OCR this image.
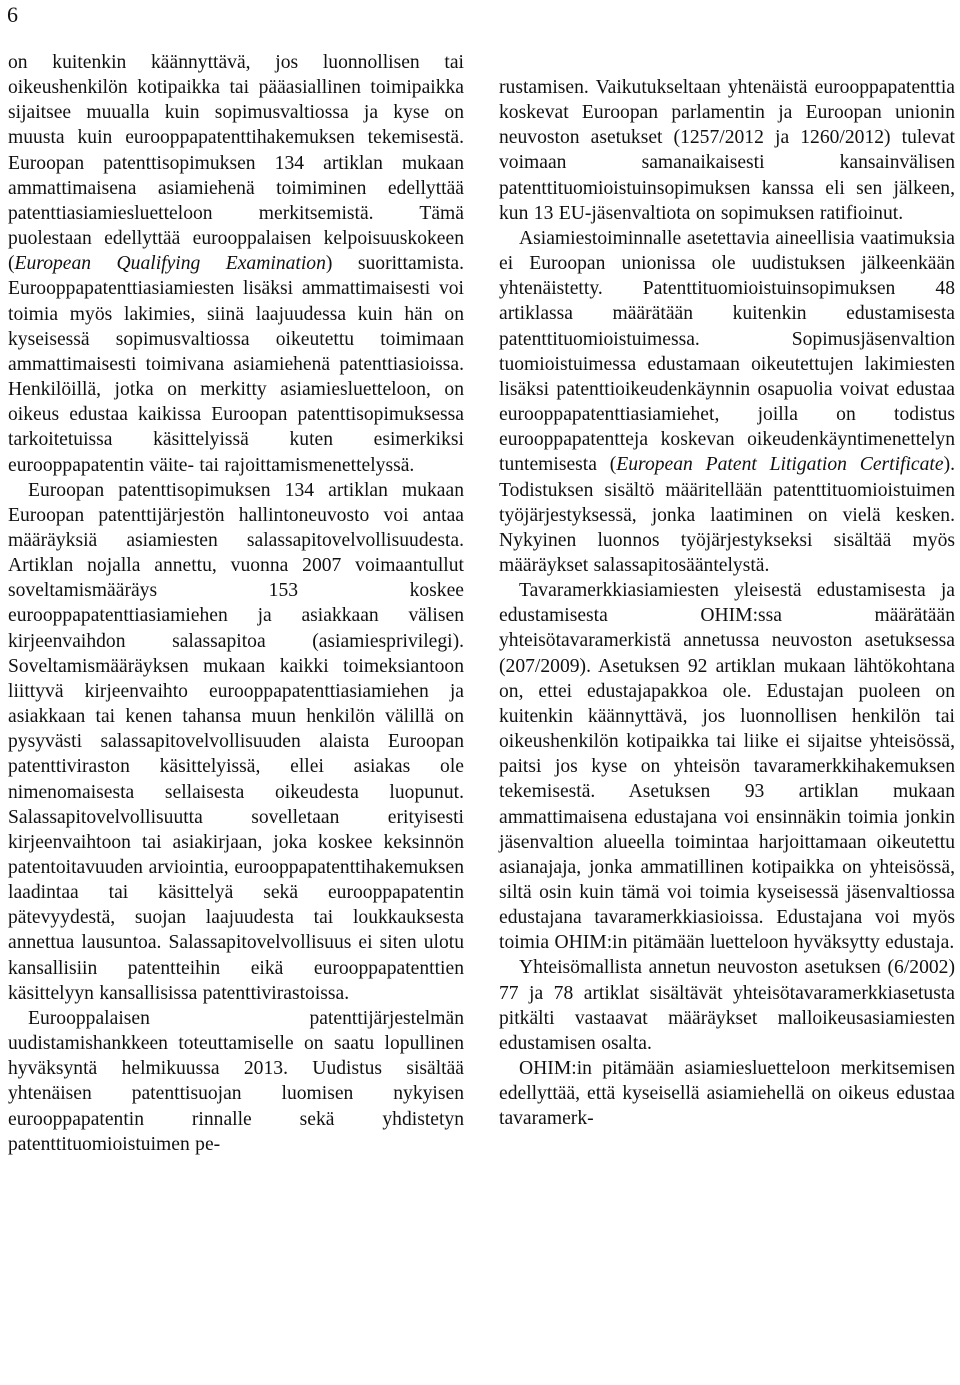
6

on kuitenkin käännyttävä, jos luonnollisen tai oikeushenkilön kotipaikka tai pääasiallinen toimipaikka sijaitsee muualla kuin sopimusvaltiossa ja kyse on muusta kuin eurooppapatenttihakemuksen tekemisestä. Euroopan patenttisopimuksen 134 artiklan mukaan ammattimaisena asiamiehenä toimiminen edellyttää patenttiasiamiesluetteloon merkitsemistä. Tämä puolestaan edellyttää eurooppalaisen kelpoisuuskokeen (European Qualifying Examination) suorittamista. Eurooppapatenttiasiamiesten lisäksi ammattimaisesti voi toimia myös lakimies, siinä laajuudessa kuin hän on kyseisessä sopimusvaltiossa oikeutettu toimimaan ammattimaisesti toimivana asiamiehenä patenttiasioissa. Henkilöillä, jotka on merkitty asiamiesluetteloon, on oikeus edustaa kaikissa Euroopan patenttisopimuksessa tarkoitetuissa käsittelyissä kuten esimerkiksi eurooppapatentin väite- tai rajoittamismenettelyssä.

Euroopan patenttisopimuksen 134 artiklan mukaan Euroopan patenttijärjestön hallintoneuvosto voi antaa määräyksiä asiamiesten salassapitovelvollisuudesta. Artiklan nojalla annettu, vuonna 2007 voimaantullut soveltamismääräys 153 koskee eurooppapatenttiasiamiehen ja asiakkaan välisen kirjeenvaihdon salassapitoa (asiamiesprivilegi). Soveltamismääräyksen mukaan kaikki toimeksiantoon liittyvä kirjeenvaihto eurooppapatenttiasiamiehen ja asiakkaan tai kenen tahansa muun henkilön välillä on pysyvästi salassapitovelvollisuuden alaista Euroopan patenttiviraston käsittelyissä, ellei asiakas ole nimenomaisesta sellaisesta oikeudesta luopunut. Salassapitovelvollisuutta sovelletaan erityisesti kirjeenvaihtoon tai asiakirjaan, joka koskee keksinnön patentoitavuuden arviointia, eurooppapatenttihakemuksen laadintaa tai käsittelyä sekä eurooppapatentin pätevyydestä, suojan laajuudesta tai loukkauksesta annettua lausuntoa. Salassapitovelvollisuus ei siten ulotu kansallisiin patentteihin eikä eurooppapatenttien käsittelyyn kansallisissa patenttivirastoissa.

Eurooppalaisen patenttijärjestelmän uudistamishankkeen toteuttamiselle on saatu lopullinen hyväksyntä helmikuussa 2013. Uudistus sisältää yhtenäisen patenttisuojan luomisen nykyisen eurooppapatentin rinnalle sekä yhdistetyn patenttituomioistuimen pe-

rustamisen. Vaikutukseltaan yhtenäistä eurooppapatenttia koskevat Euroopan parlamentin ja Euroopan unionin neuvoston asetukset (1257/2012 ja 1260/2012) tulevat voimaan samanaikaisesti kansainvälisen patenttituomioistuinsopimuksen kanssa eli sen jälkeen, kun 13 EU-jäsenvaltiota on sopimuksen ratifioinut.

Asiamiestoiminnalle asetettavia aineellisia vaatimuksia ei Euroopan unionissa ole uudistuksen jälkeenkään yhtenäistetty. Patenttituomioistuinsopimuksen 48 artiklassa määrätään kuitenkin edustamisesta patenttituomioistuimessa. Sopimusjäsenvaltion tuomioistuimessa edustamaan oikeutettujen lakimiesten lisäksi patenttioikeudenkäynnin osapuolia voivat edustaa eurooppapatenttiasiamiehet, joilla on todistus eurooppapatentteja koskevan oikeudenkäyntimenettelyn tuntemisesta (European Patent Litigation Certificate). Todistuksen sisältö määritellään patenttituomioistuimen työjärjestyksessä, jonka laatiminen on vielä kesken. Nykyinen luonnos työjärjestykseksi sisältää myös määräykset salassapitosääntelystä.

Tavaramerkkiasiamiesten yleisestä edustamisesta ja edustamisesta OHIM:ssa määrätään yhteisötavaramerkistä annetussa neuvoston asetuksessa (207/2009). Asetuksen 92 artiklan mukaan lähtökohtana on, ettei edustajapakkoa ole. Edustajan puoleen on kuitenkin käännyttävä, jos luonnollisen henkilön tai oikeushenkilön kotipaikka tai liike ei sijaitse yhteisössä, paitsi jos kyse on yhteisön tavaramerkkihakemuksen tekemisestä. Asetuksen 93 artiklan mukaan ammattimaisena edustajana voi ensinnäkin toimia jonkin jäsenvaltion alueella toimintaa harjoittamaan oikeutettu asianajaja, jonka ammatillinen kotipaikka on yhteisössä, siltä osin kuin tämä voi toimia kyseisessä jäsenvaltiossa edustajana tavaramerkkiasioissa. Edustajana voi myös toimia OHIM:in pitämään luetteloon hyväksytty edustaja.

Yhteisömallista annetun neuvoston asetuksen (6/2002) 77 ja 78 artiklat sisältävät yhteisötavaramerkkiasetusta pitkälti vastaavat määräykset malloikeusasiamiesten edustamisen osalta.

OHIM:in pitämään asiamiesluetteloon merkitsemisen edellyttää, että kyseisellä asiamiehellä on oikeus edustaa tavaramerk-
